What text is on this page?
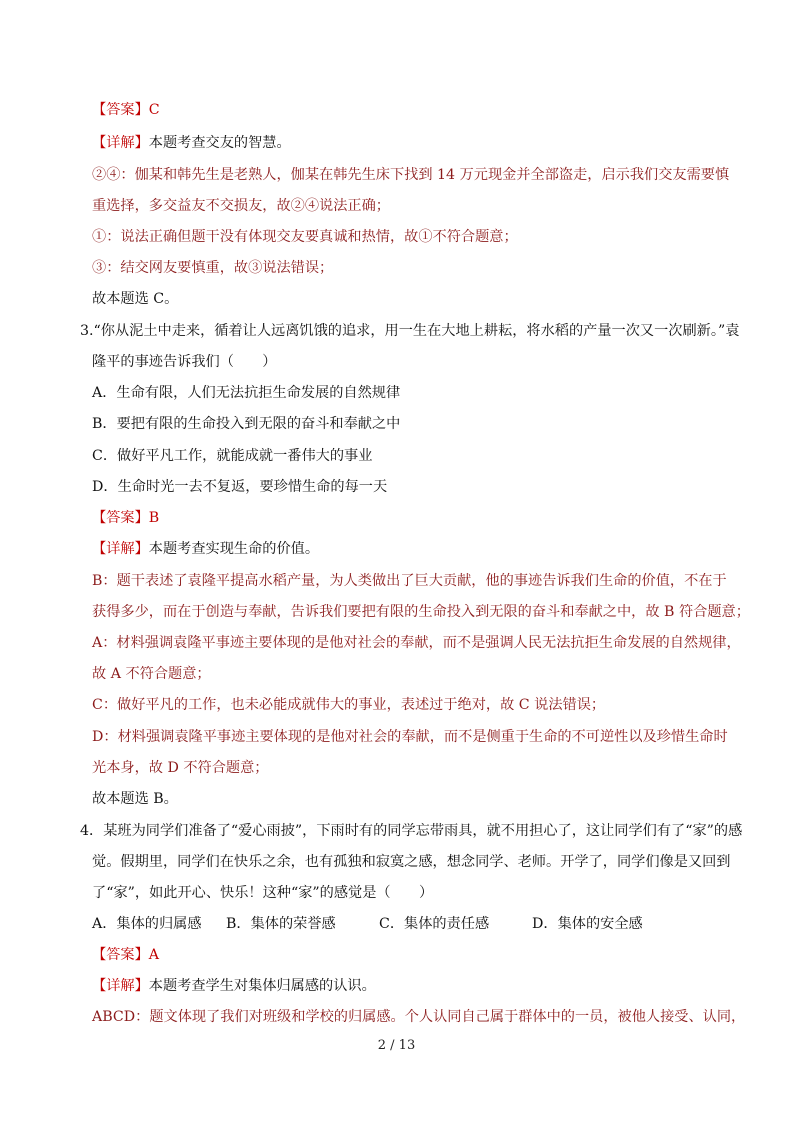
【答案】C
【详解】本题考查交友的智慧。
②④：伽某和韩先生是老熟人，伽某在韩先生床下找到 14 万元现金并全部盗走，启示我们交友需要慎
重选择，多交益友不交损友，故②④说法正确；
①：说法正确但题干没有体现交友要真诚和热情，故①不符合题意；
③：结交网友要慎重，故③说法错误；
故本题选 C。
3.“你从泥土中走来，循着让人远离饥饿的追求，用一生在大地上耕耘，将水稻的产量一次又一次刷新。”袁
隆平的事迹告诉我们（　　）
A．生命有限，人们无法抗拒生命发展的自然规律
B．要把有限的生命投入到无限的奋斗和奉献之中
C．做好平凡工作，就能成就一番伟大的事业
D．生命时光一去不复返，要珍惜生命的每一天
【答案】B
【详解】本题考查实现生命的价值。
B：题干表述了袁隆平提高水稻产量，为人类做出了巨大贡献，他的事迹告诉我们生命的价值，不在于
获得多少，而在于创造与奉献，告诉我们要把有限的生命投入到无限的奋斗和奉献之中，故 B 符合题意；
A：材料强调袁隆平事迹主要体现的是他对社会的奉献，而不是强调人民无法抗拒生命发展的自然规律，
故 A 不符合题意；
C：做好平凡的工作，也未必能成就伟大的事业，表述过于绝对，故 C 说法错误；
D：材料强调袁隆平事迹主要体现的是他对社会的奉献，而不是侧重于生命的不可逆性以及珍惜生命时
光本身，故 D 不符合题意；
故本题选 B。
4．某班为同学们准备了“爱心雨披”，下雨时有的同学忘带雨具，就不用担心了，这让同学们有了“家”的感
觉。假期里，同学们在快乐之余，也有孤独和寂寞之感，想念同学、老师。开学了，同学们像是又回到
了“家”，如此开心、快乐！这种“家”的感觉是（　　）
A．集体的归属感 B．集体的荣誉感	C．集体的责任感	D．集体的安全感
【答案】A
【详解】本题考查学生对集体归属感的认识。
ABCD：题文体现了我们对班级和学校的归属感。个人认同自己属于群体中的一员，被他人接受、认同，
2 / 13
